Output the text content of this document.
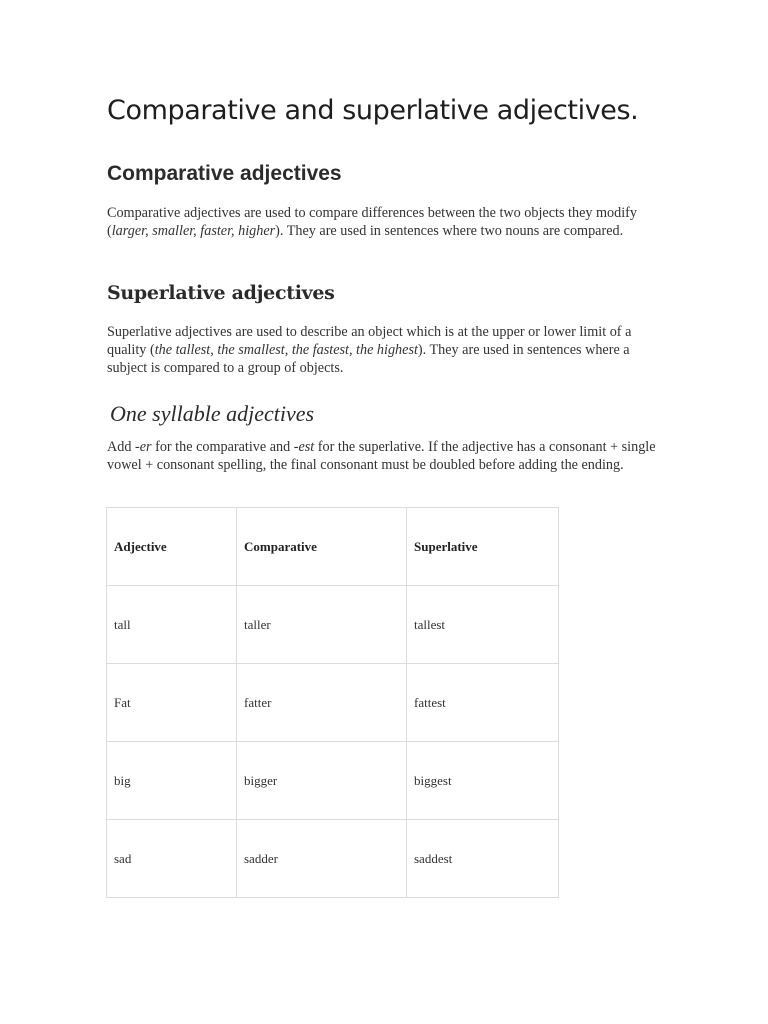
Comparative and superlative adjectives.
Comparative adjectives

Comparative adjectives are used to compare differences between the two objects they modify (larger, smaller, faster, higher). They are used in sentences where two nouns are compared.

Superlative adjectives

Superlative adjectives are used to describe an object which is at the upper or lower limit of a quality (the tallest, the smallest, the fastest, the highest). They are used in sentences where a subject is compared to a group of objects.

One syllable adjectives

Add -er for the comparative and -est for the superlative. If the adjective has a consonant + single vowel + consonant spelling, the final consonant must be doubled before adding the ending.

Adjective	Comparative	Superlative
tall	taller	tallest
Fat	fatter	fattest
big	bigger	biggest
sad	sadder	saddest
